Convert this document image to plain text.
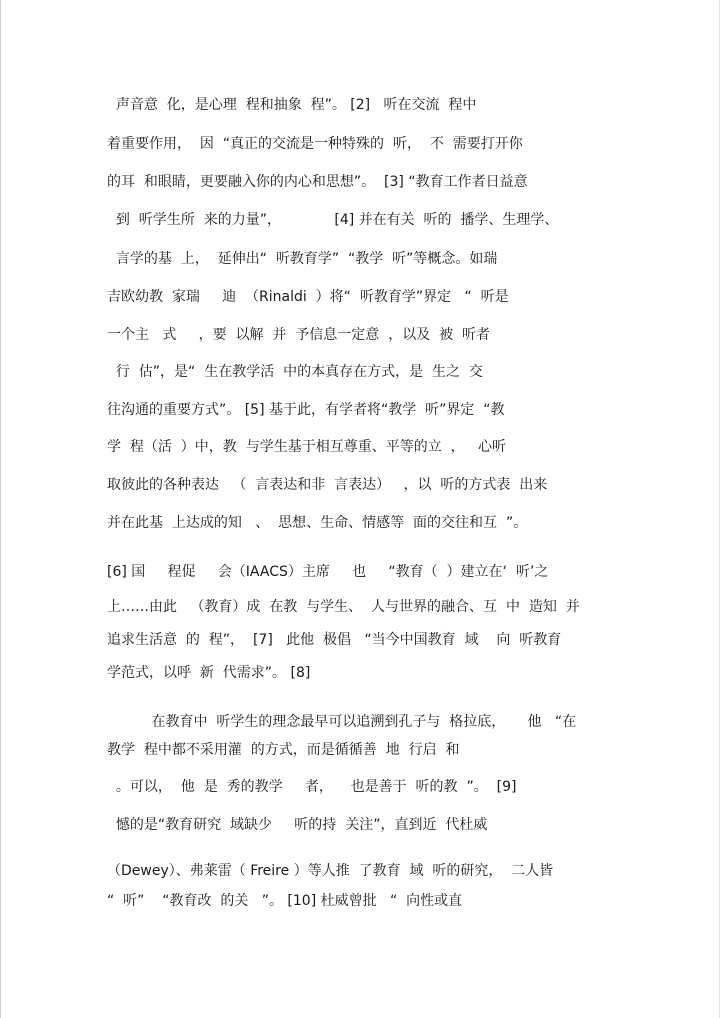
声音意  化，是心理  程和抽象  程”。 [2]   听在交流  程中
着重要作用，  因  “真正的交流是一种特殊的  听，  不  需要打开你
的耳  和眼睛，更要融入你的内心和思想”。  [3] “教育工作者日益意
到  听学生所  来的力量”，            [4] 并在有关  听的  播学、生理学、
言学的基  上，  延伸出“  听教育学”  “教学  听”等概念。如瑞
吉欧幼教  家瑞     迪  （Rinaldi  ）将“  听教育学”界定   “  听是
一个主   式     ，要  以解  并  予信息一定意  ，以及  被  听者
行  估”，是“  生在教学活  中的本真存在方式，是  生之  交
往沟通的重要方式”。 [5] 基于此，有学者将“教学  听”界定  “教
学  程（活  ）中，教  与学生基于相互尊重、平等的立  ，   心听
取彼此的各种表达   （  言表达和非  言表达）   ，以  听的方式表  出来
并在此基  上达成的知   、  思想、生命、情感等  面的交往和互  ”。
[6] 国     程促     会（IAACS）主席     也     “教育（  ）建立在‘  听’之
上……由此   （教育）成  在教  与学生、  人与世界的融合、互  中  造知  并
追求生活意  的  程”，  [7]   此他  极倡   “当今中国教育  域    向  听教育
学范式，以呼  新  代需求”。 [8]
在教育中  听学生的理念最早可以追溯到孔子与  格拉底，     他   “在
教学  程中都不采用灌  的方式，而是循循善  地  行启  和
。可以，  他  是  秀的教学     者，    也是善于  听的教  ”。  [9]
憾的是“教育研究  域缺少     听的持  关注”，直到近  代杜威
（Dewey）、弗莱雷（ Freire ）等人推  了教育  域  听的研究，  二人皆
“  听”    “教育改  的关   ”。 [10] 杜威曾批   “  向性或直
